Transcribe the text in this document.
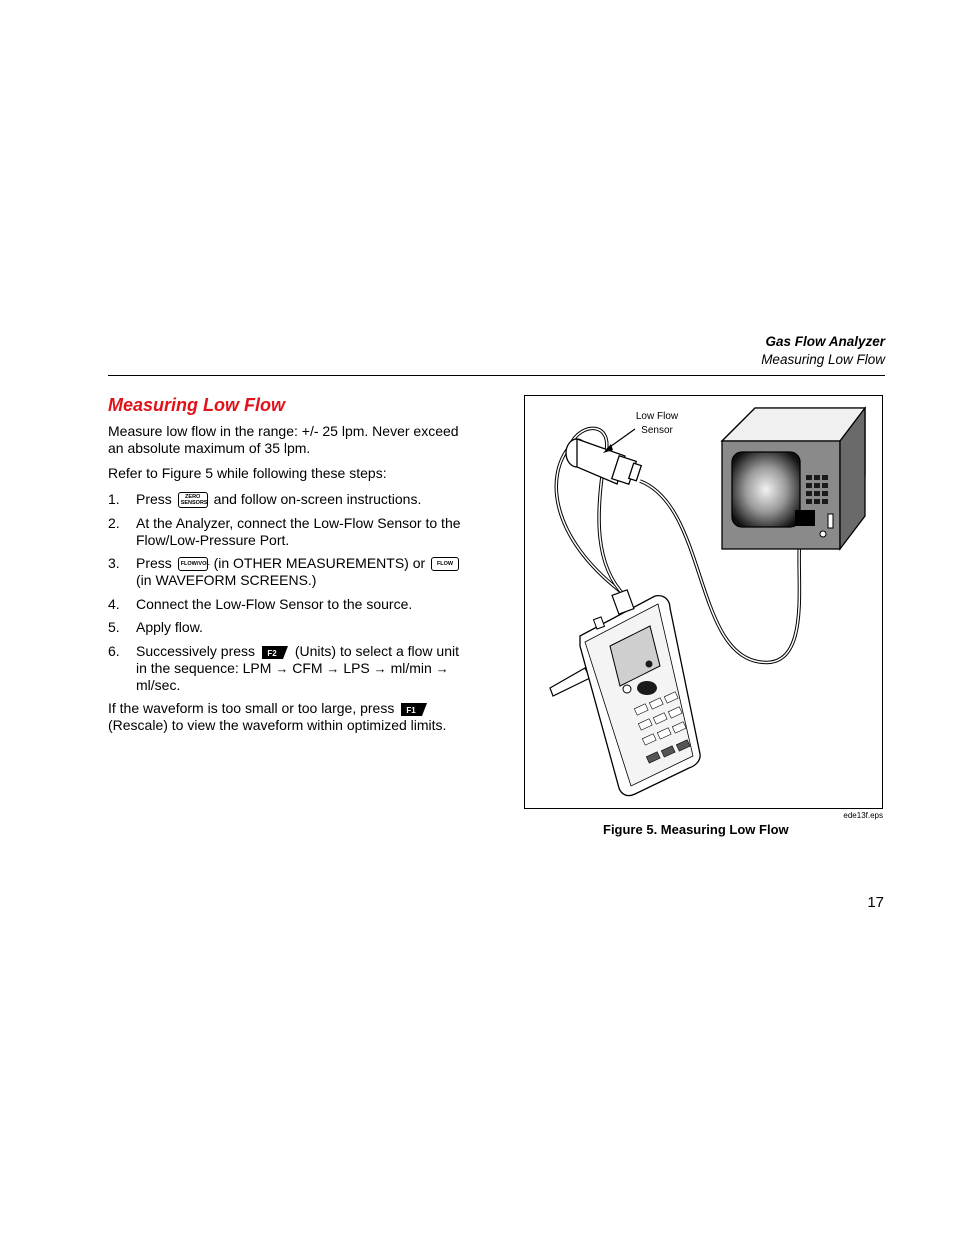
Gas Flow Analyzer
Measuring Low Flow
Measuring Low Flow
Measure low flow in the range: +/- 25 lpm. Never exceed an absolute maximum of 35 lpm.
Refer to Figure 5 while following these steps:
1. Press ZERO SENSORS and follow on-screen instructions.
2. At the Analyzer, connect the Low-Flow Sensor to the Flow/Low-Pressure Port.
3. Press FLOW/VOL (in OTHER MEASUREMENTS) or FLOW (in WAVEFORM SCREENS.)
4. Connect the Low-Flow Sensor to the source.
5. Apply flow.
6. Successively press F2 (Units) to select a flow unit in the sequence: LPM → CFM → LPS → ml/min → ml/sec.
If the waveform is too small or too large, press F1
(Rescale) to view the waveform within optimized limits.
Low Flow
Sensor
ede13f.eps
Figure 5. Measuring Low Flow
17
